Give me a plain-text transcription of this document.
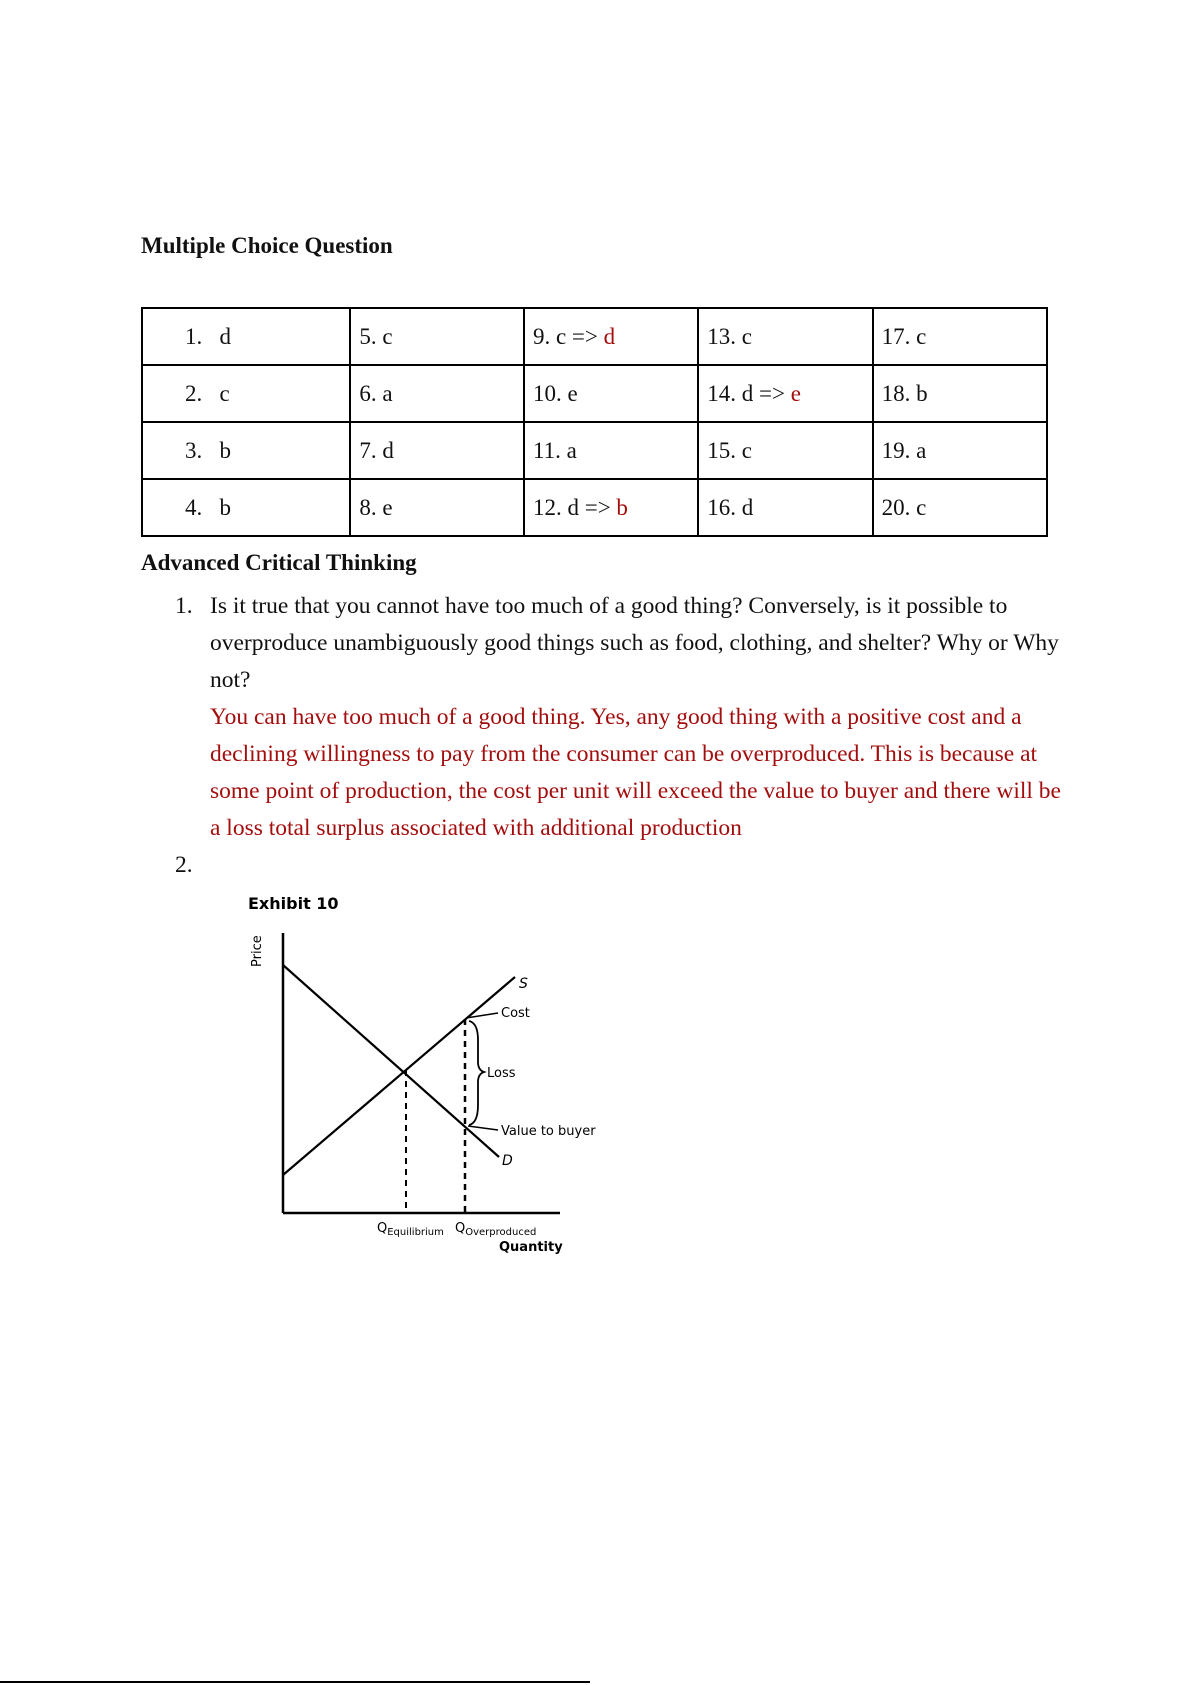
Multiple Choice Question
1. d	5. c	9. c => d	13. c	17. c
2. c	6. a	10. e	14. d => e	18. b
3. b	7. d	11. a	15. c	19. a
4. b	8. e	12. d => b	16. d	20. c
Advanced Critical Thinking
1. Is it true that you cannot have too much of a good thing? Conversely, is it possible to overproduce unambiguously good things such as food, clothing, and shelter? Why or Why not?
You can have too much of a good thing. Yes, any good thing with a positive cost and a declining willingness to pay from the consumer can be overproduced. This is because at some point of production, the cost per unit will exceed the value to buyer and there will be a loss total surplus associated with additional production
2.
Exhibit 10
Price
S
Cost
Loss
Value to buyer
D
$Q_{Equilibrium}$ $Q_{Overproduced}$
Quantity
